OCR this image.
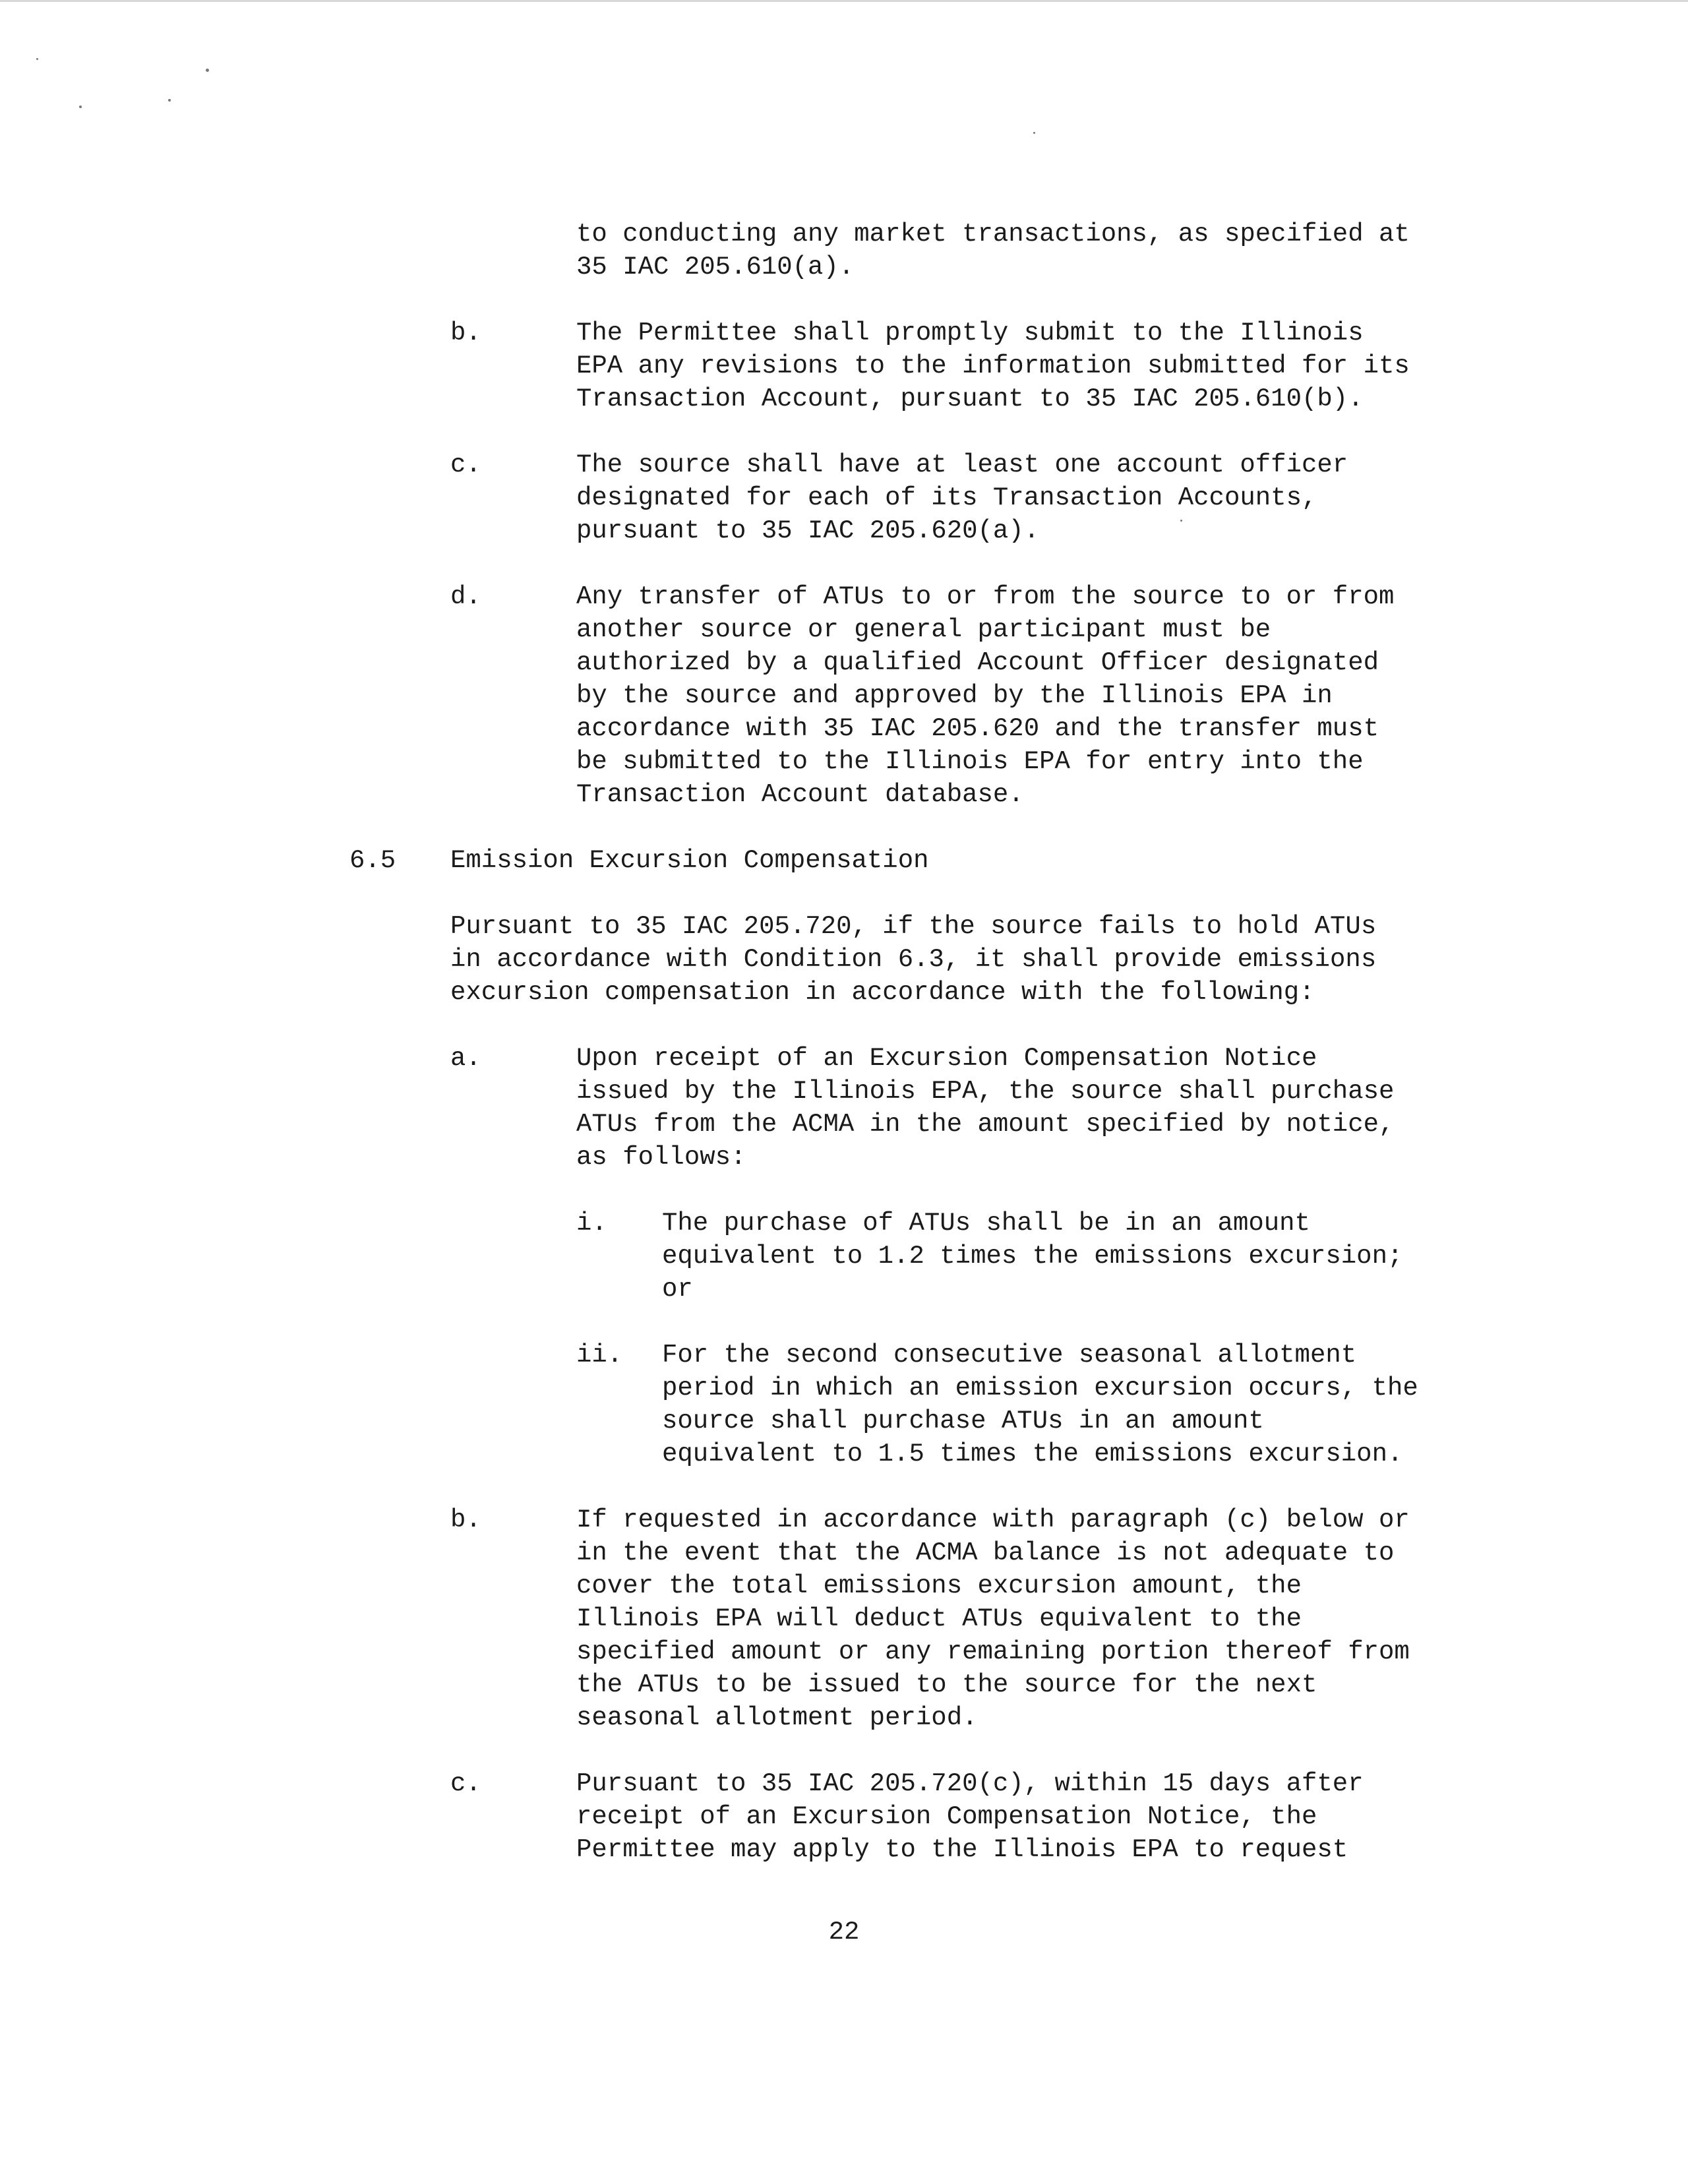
to conducting any market transactions, as specified at
35 IAC 205.610(a).

b.	The Permittee shall promptly submit to the Illinois
EPA any revisions to the information submitted for its
Transaction Account, pursuant to 35 IAC 205.610(b).

c.	The source shall have at least one account officer
designated for each of its Transaction Accounts,
pursuant to 35 IAC 205.620(a).

d.	Any transfer of ATUs to or from the source to or from
another source or general participant must be
authorized by a qualified Account Officer designated
by the source and approved by the Illinois EPA in
accordance with 35 IAC 205.620 and the transfer must
be submitted to the Illinois EPA for entry into the
Transaction Account database.

6.5 Emission Excursion Compensation

Pursuant to 35 IAC 205.720, if the source fails to hold ATUs
in accordance with Condition 6.3, it shall provide emissions
excursion compensation in accordance with the following:

a.	Upon receipt of an Excursion Compensation Notice
issued by the Illinois EPA, the source shall purchase
ATUs from the ACMA in the amount specified by notice,
as follows:

i. The purchase of ATUs shall be in an amount
equivalent to 1.2 times the emissions excursion;
or

ii. For the second consecutive seasonal allotment
period in which an emission excursion occurs, the
source shall purchase ATUs in an amount
equivalent to 1.5 times the emissions excursion.

b.	If requested in accordance with paragraph (c) below or
in the event that the ACMA balance is not adequate to
cover the total emissions excursion amount, the
Illinois EPA will deduct ATUs equivalent to the
specified amount or any remaining portion thereof from
the ATUs to be issued to the source for the next
seasonal allotment period.

c.	Pursuant to 35 IAC 205.720(c), within 15 days after
receipt of an Excursion Compensation Notice, the
Permittee may apply to the Illinois EPA to request

22
